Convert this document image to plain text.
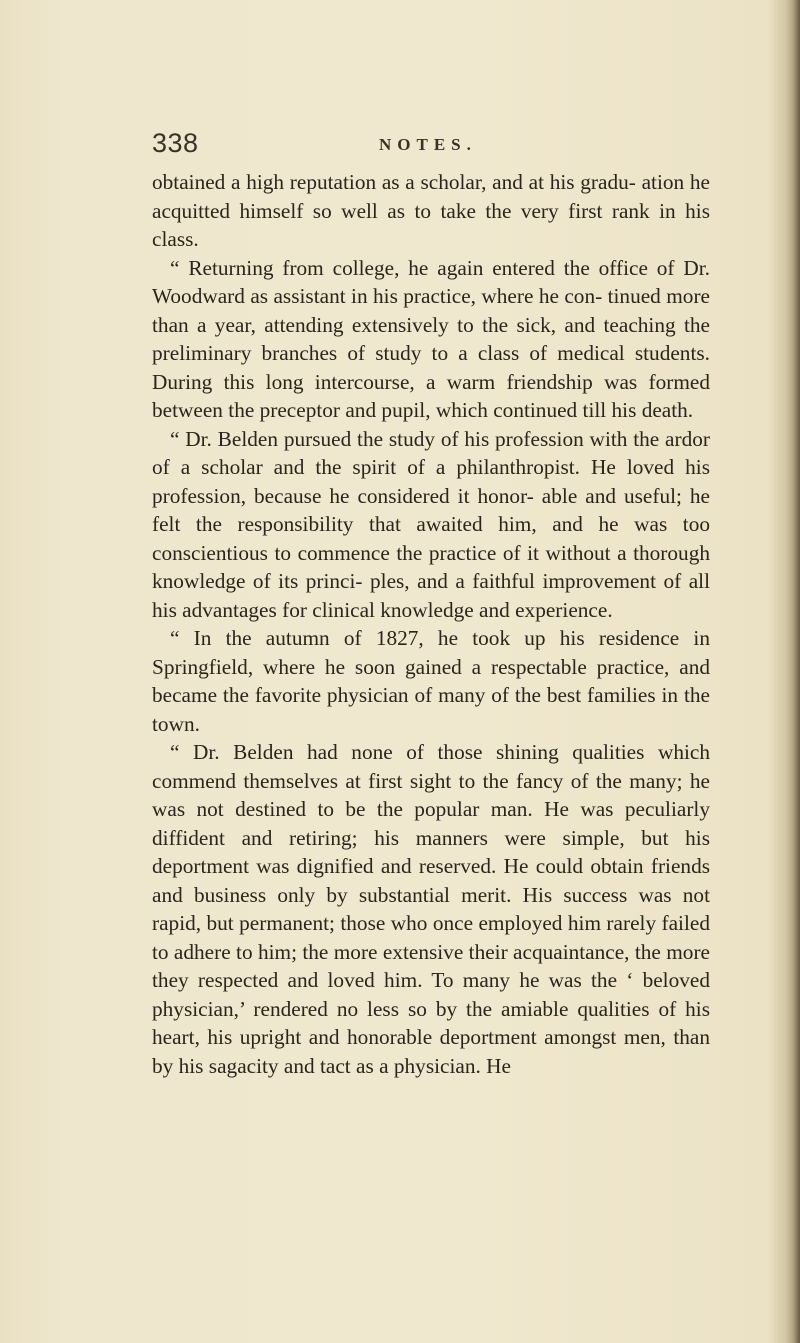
338	NOTES.

obtained a high reputation as a scholar, and at his gradu- ation he acquitted himself so well as to take the very first rank in his class.

“ Returning from college, he again entered the office of Dr. Woodward as assistant in his practice, where he con- tinued more than a year, attending extensively to the sick, and teaching the preliminary branches of study to a class of medical students. During this long intercourse, a warm friendship was formed between the preceptor and pupil, which continued till his death.

“ Dr. Belden pursued the study of his profession with the ardor of a scholar and the spirit of a philanthropist. He loved his profession, because he considered it honor- able and useful; he felt the responsibility that awaited him, and he was too conscientious to commence the practice of it without a thorough knowledge of its princi- ples, and a faithful improvement of all his advantages for clinical knowledge and experience.

“ In the autumn of 1827, he took up his residence in Springfield, where he soon gained a respectable practice, and became the favorite physician of many of the best families in the town.

“ Dr. Belden had none of those shining qualities which commend themselves at first sight to the fancy of the many; he was not destined to be the popular man. He was peculiarly diffident and retiring; his manners were simple, but his deportment was dignified and reserved. He could obtain friends and business only by substantial merit. His success was not rapid, but permanent; those who once employed him rarely failed to adhere to him; the more extensive their acquaintance, the more they respected and loved him. To many he was the ‘ beloved physician,’ rendered no less so by the amiable qualities of his heart, his upright and honorable deportment amongst men, than by his sagacity and tact as a physician. He
